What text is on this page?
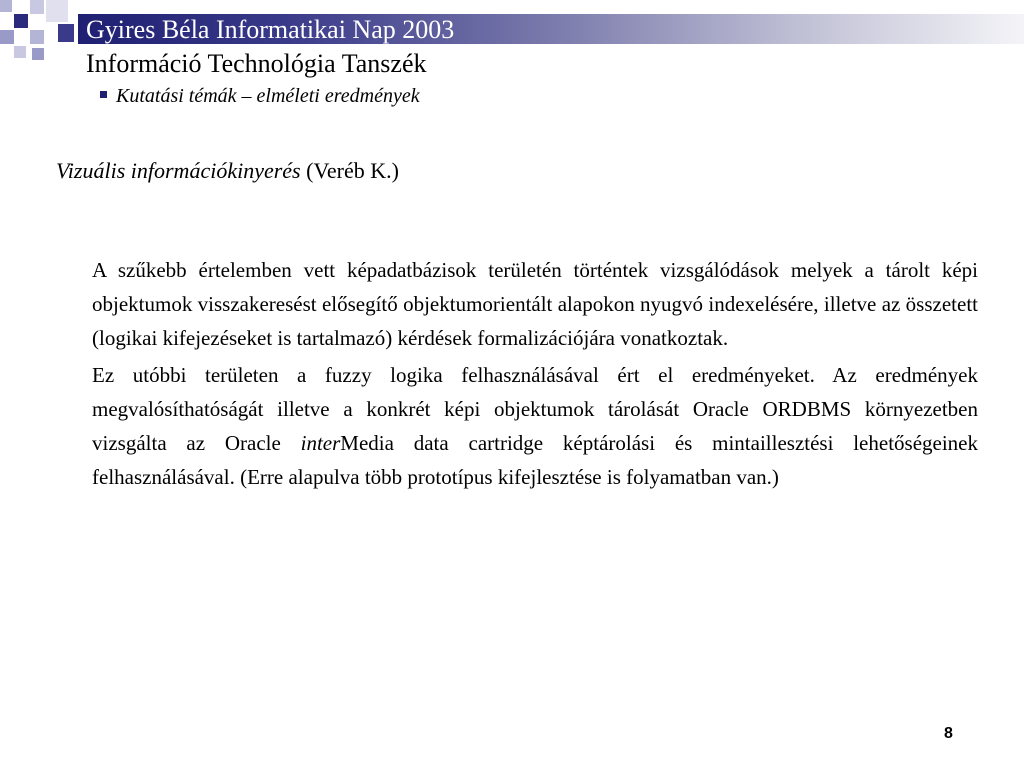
Gyires Béla Informatikai Nap 2003
Információ Technológia Tanszék
Kutatási témák – elméleti eredmények
Vizuális információkinyerés (Veréb K.)

A szűkebb értelemben vett képadatbázisok területén történtek vizsgálódások melyek a tárolt képi objektumok visszakeresést elősegítő objektumorientált alapokon nyugvó indexelésére, illetve az összetett (logikai kifejezéseket is tartalmazó) kérdések formalizációjára vonatkoztak.

Ez utóbbi területen a fuzzy logika felhasználásával ért el eredményeket. Az eredmények megvalósíthatóságát illetve a konkrét képi objektumok tárolását Oracle ORDBMS környezetben vizsgálta az Oracle interMedia data cartridge képtárolási és mintaillesztési lehetőségeinek felhasználásával. (Erre alapulva több prototípus kifejlesztése is folyamatban van.)

8
